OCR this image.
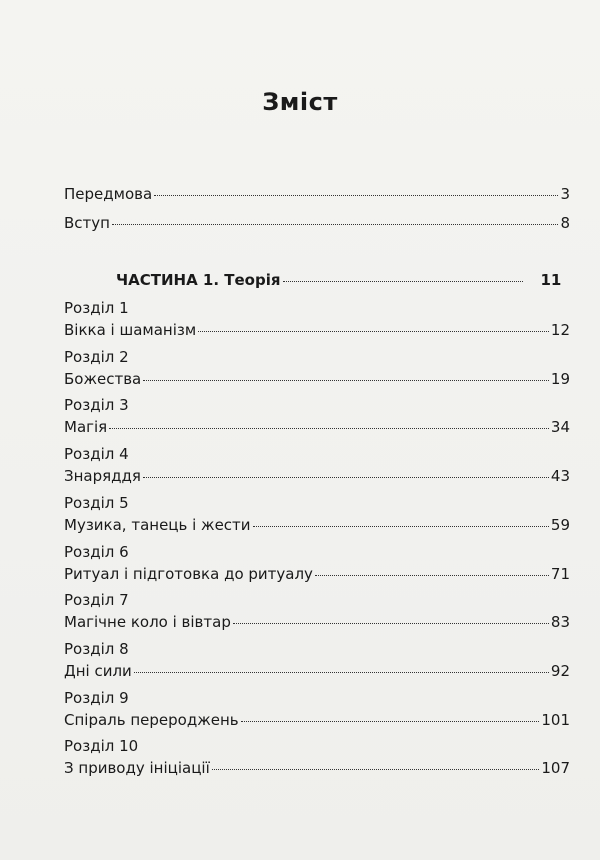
Зміст
Передмова	3
Вступ	8
ЧАСТИНА 1. Теорія	11
Розділ 1
Вікка і шаманізм	12
Розділ 2
Божества	19
Розділ 3
Магія	34
Розділ 4
Знаряддя	43
Розділ 5
Музика, танець і жести	59
Розділ 6
Ритуал і підготовка до ритуалу	71
Розділ 7
Магічне коло і вівтар	83
Розділ 8
Дні сили	92
Розділ 9
Спіраль перероджень	101
Розділ 10
З приводу ініціації	107
